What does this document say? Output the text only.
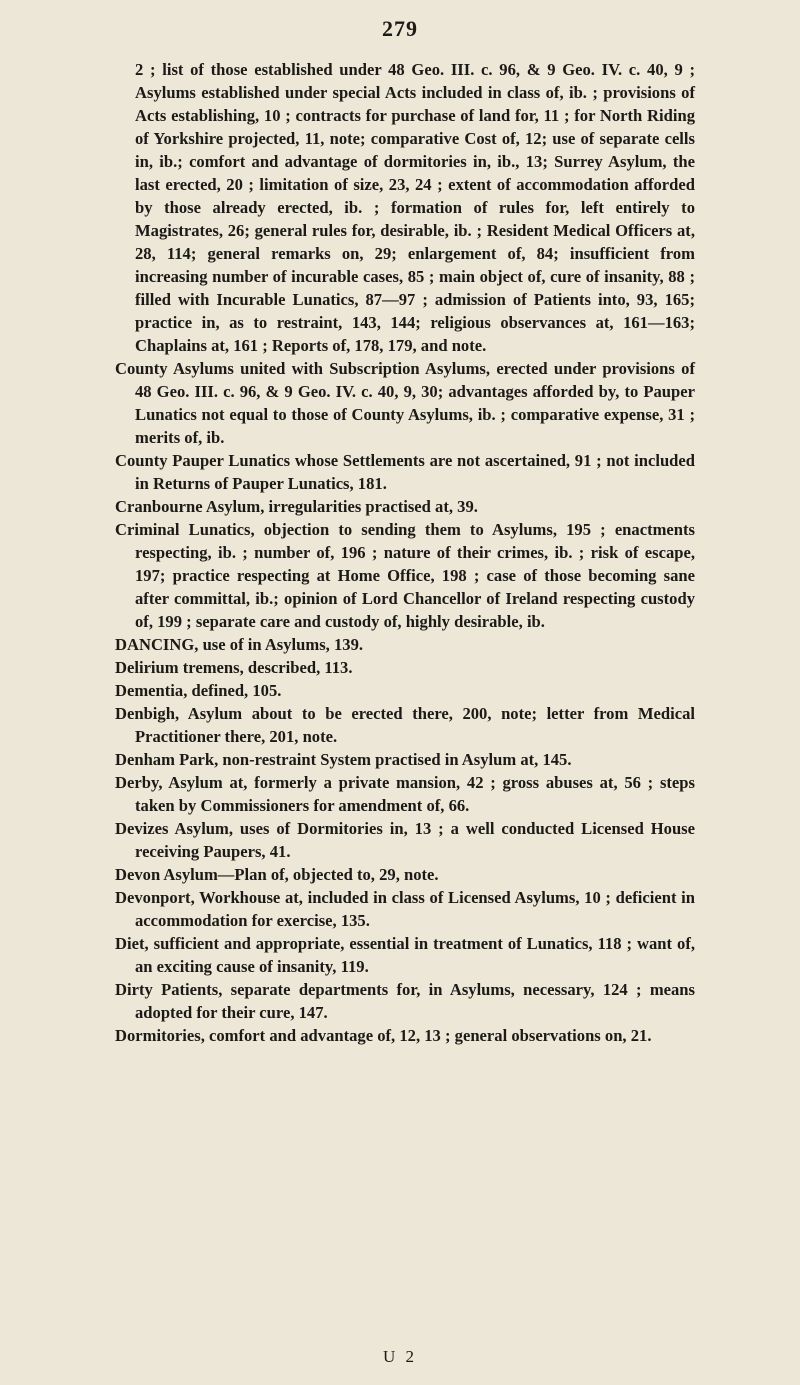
279

2 ; list of those established under 48 Geo. III. c. 96, & 9 Geo. IV. c. 40, 9 ; Asylums established under special Acts included in class of, ib. ; provisions of Acts establishing, 10 ; contracts for purchase of land for, 11 ; for North Riding of Yorkshire projected, 11, note; comparative Cost of, 12; use of separate cells in, ib.; comfort and advantage of dormitories in, ib., 13; Surrey Asylum, the last erected, 20 ; limitation of size, 23, 24 ; extent of accommodation afforded by those already erected, ib. ; formation of rules for, left entirely to Magistrates, 26; general rules for, desirable, ib. ; Resident Medical Officers at, 28, 114; general remarks on, 29; enlargement of, 84; insufficient from increasing number of incurable cases, 85 ; main object of, cure of insanity, 88 ; filled with Incurable Lunatics, 87—97 ; admission of Patients into, 93, 165; practice in, as to restraint, 143, 144; religious observances at, 161—163; Chaplains at, 161 ; Reports of, 178, 179, and note.

County Asylums united with Subscription Asylums, erected under provisions of 48 Geo. III. c. 96, & 9 Geo. IV. c. 40, 9, 30; advantages afforded by, to Pauper Lunatics not equal to those of County Asylums, ib. ; comparative expense, 31 ; merits of, ib.

County Pauper Lunatics whose Settlements are not ascertained, 91 ; not included in Returns of Pauper Lunatics, 181.

Cranbourne Asylum, irregularities practised at, 39.

Criminal Lunatics, objection to sending them to Asylums, 195 ; enactments respecting, ib. ; number of, 196 ; nature of their crimes, ib. ; risk of escape, 197; practice respecting at Home Office, 198 ; case of those becoming sane after committal, ib.; opinion of Lord Chancellor of Ireland respecting custody of, 199 ; separate care and custody of, highly desirable, ib.

DANCING, use of in Asylums, 139.

Delirium tremens, described, 113.

Dementia, defined, 105.

Denbigh, Asylum about to be erected there, 200, note; letter from Medical Practitioner there, 201, note.

Denham Park, non-restraint System practised in Asylum at, 145.

Derby, Asylum at, formerly a private mansion, 42 ; gross abuses at, 56 ; steps taken by Commissioners for amendment of, 66.

Devizes Asylum, uses of Dormitories in, 13 ; a well conducted Licensed House receiving Paupers, 41.

Devon Asylum—Plan of, objected to, 29, note.

Devonport, Workhouse at, included in class of Licensed Asylums, 10 ; deficient in accommodation for exercise, 135.

Diet, sufficient and appropriate, essential in treatment of Lunatics, 118 ; want of, an exciting cause of insanity, 119.

Dirty Patients, separate departments for, in Asylums, necessary, 124 ; means adopted for their cure, 147.

Dormitories, comfort and advantage of, 12, 13 ; general observations on, 21.

U 2
